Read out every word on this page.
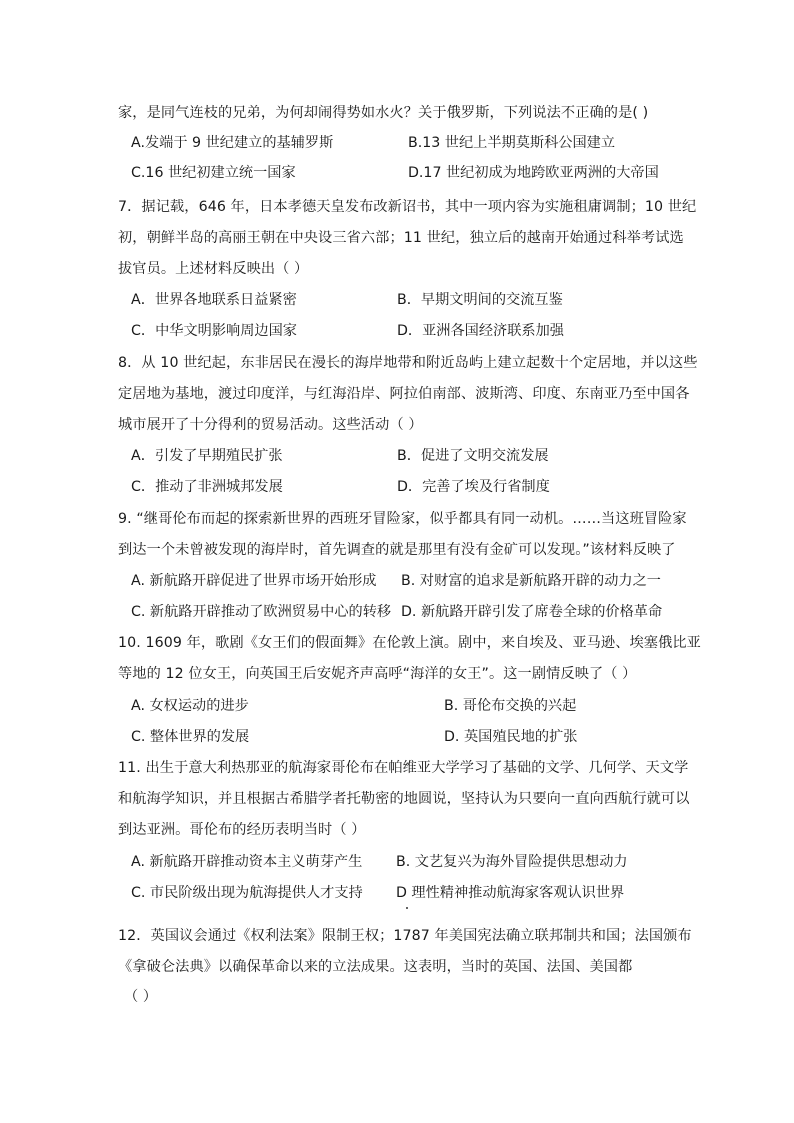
家，是同气连枝的兄弟，为何却闹得势如水火？关于俄罗斯，下列说法不正确的是( )
A.发端于 9 世纪建立的基辅罗斯	B.13 世纪上半期莫斯科公国建立
C.16 世纪初建立统一国家	D.17 世纪初成为地跨欧亚两洲的大帝国
7．据记载，646 年，日本孝德天皇发布改新诏书，其中一项内容为实施租庸调制；10 世纪
初，朝鲜半岛的高丽王朝在中央设三省六部；11 世纪，独立后的越南开始通过科举考试选
拔官员。上述材料反映出（ ）
A．世界各地联系日益紧密	B．早期文明间的交流互鉴
C．中华文明影响周边国家	D．亚洲各国经济联系加强
8．从 10 世纪起，东非居民在漫长的海岸地带和附近岛屿上建立起数十个定居地，并以这些
定居地为基地，渡过印度洋，与红海沿岸、阿拉伯南部、波斯湾、印度、东南亚乃至中国各
城市展开了十分得利的贸易活动。这些活动（ ）
A．引发了早期殖民扩张	B．促进了文明交流发展
C．推动了非洲城邦发展	D．完善了埃及行省制度
9. “继哥伦布而起的探索新世界的西班牙冒险家，似乎都具有同一动机。……当这班冒险家
到达一个未曾被发现的海岸时，首先调查的就是那里有没有金矿可以发现。”该材料反映了
A. 新航路开辟促进了世界市场开始形成 B. 对财富的追求是新航路开辟的动力之一
C. 新航路开辟推动了欧洲贸易中心的转移 D. 新航路开辟引发了席卷全球的价格革命
10. 1609 年，歌剧《女王们的假面舞》在伦敦上演。剧中，来自埃及、亚马逊、埃塞俄比亚
等地的 12 位女王，向英国王后安妮齐声高呼“海洋的女王”。这一剧情反映了（ ）
A. 女权运动的进步	B. 哥伦布交换的兴起
C. 整体世界的发展	D. 英国殖民地的扩张
11. 出生于意大利热那亚的航海家哥伦布在帕维亚大学学习了基础的文学、几何学、天文学
和航海学知识，并且根据古希腊学者托勒密的地圆说，坚持认为只要向一直向西航行就可以
到达亚洲。哥伦布的经历表明当时（ ）
A. 新航路开辟推动资本主义萌芽产生 B. 文艺复兴为海外冒险提供思想动力
C. 市民阶级出现为航海提供人才支持 D 理性精神推动航海家客观认识世界
12．英国议会通过《权利法案》限制王权；1787 年美国宪法确立联邦制共和国；法国颁布
《拿破仑法典》以确保革命以来的立法成果。这表明，当时的英国、法国、美国都
（ ）
